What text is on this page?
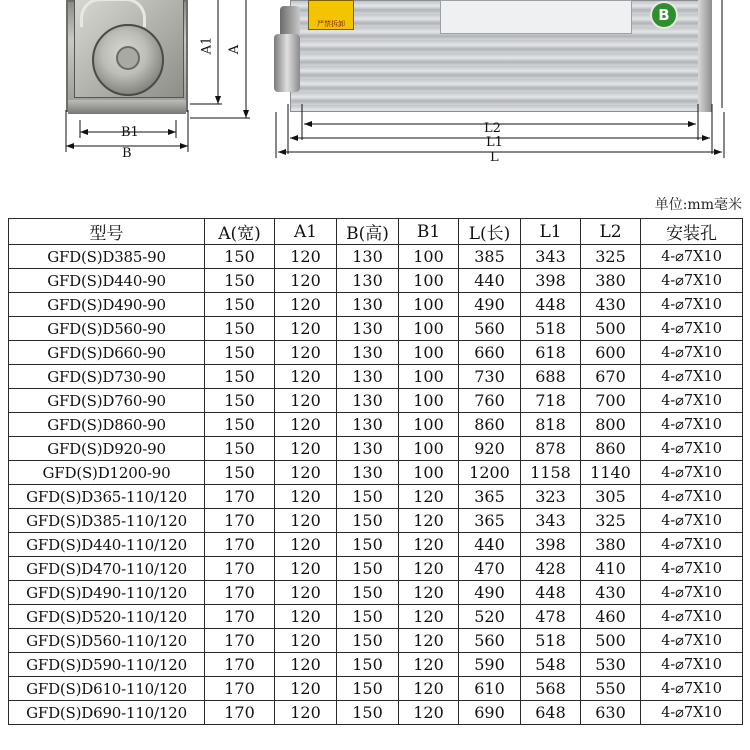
严禁拆卸	B
A1 A
B1
B
L2
L1
L
单位:mm毫米
型号	A(宽)	A1	B(高)	B1	L(长)	L1	L2	安装孔
GFD(S)D385-90	150	120	130	100	385	343	325	4-⌀7X10
GFD(S)D440-90	150	120	130	100	440	398	380	4-⌀7X10
GFD(S)D490-90	150	120	130	100	490	448	430	4-⌀7X10
GFD(S)D560-90	150	120	130	100	560	518	500	4-⌀7X10
GFD(S)D660-90	150	120	130	100	660	618	600	4-⌀7X10
GFD(S)D730-90	150	120	130	100	730	688	670	4-⌀7X10
GFD(S)D760-90	150	120	130	100	760	718	700	4-⌀7X10
GFD(S)D860-90	150	120	130	100	860	818	800	4-⌀7X10
GFD(S)D920-90	150	120	130	100	920	878	860	4-⌀7X10
GFD(S)D1200-90	150	120	130	100	1200	1158	1140	4-⌀7X10
GFD(S)D365-110/120	170	120	150	120	365	323	305	4-⌀7X10
GFD(S)D385-110/120	170	120	150	120	365	343	325	4-⌀7X10
GFD(S)D440-110/120	170	120	150	120	440	398	380	4-⌀7X10
GFD(S)D470-110/120	170	120	150	120	470	428	410	4-⌀7X10
GFD(S)D490-110/120	170	120	150	120	490	448	430	4-⌀7X10
GFD(S)D520-110/120	170	120	150	120	520	478	460	4-⌀7X10
GFD(S)D560-110/120	170	120	150	120	560	518	500	4-⌀7X10
GFD(S)D590-110/120	170	120	150	120	590	548	530	4-⌀7X10
GFD(S)D610-110/120	170	120	150	120	610	568	550	4-⌀7X10
GFD(S)D690-110/120	170	120	150	120	690	648	630	4-⌀7X10
